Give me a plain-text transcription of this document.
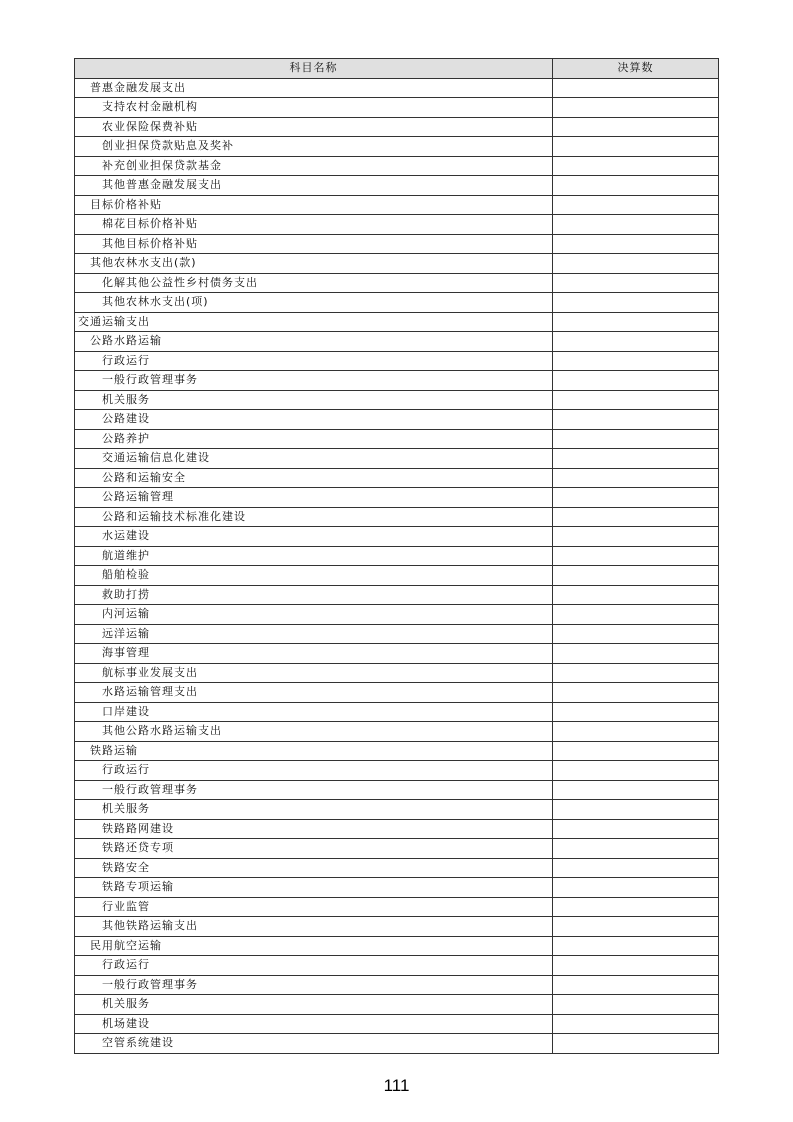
科目名称	决算数
普惠金融发展支出	
支持农村金融机构	
农业保险保费补贴	
创业担保贷款贴息及奖补	
补充创业担保贷款基金	
其他普惠金融发展支出	
目标价格补贴	
棉花目标价格补贴	
其他目标价格补贴	
其他农林水支出(款)	
化解其他公益性乡村债务支出	
其他农林水支出(项)	
交通运输支出	
公路水路运输	
行政运行	
一般行政管理事务	
机关服务	
公路建设	
公路养护	
交通运输信息化建设	
公路和运输安全	
公路运输管理	
公路和运输技术标准化建设	
水运建设	
航道维护	
船舶检验	
救助打捞	
内河运输	
远洋运输	
海事管理	
航标事业发展支出	
水路运输管理支出	
口岸建设	
其他公路水路运输支出	
铁路运输	
行政运行	
一般行政管理事务	
机关服务	
铁路路网建设	
铁路还贷专项	
铁路安全	
铁路专项运输	
行业监管	
其他铁路运输支出	
民用航空运输	
行政运行	
一般行政管理事务	
机关服务	
机场建设	
空管系统建设	
111
